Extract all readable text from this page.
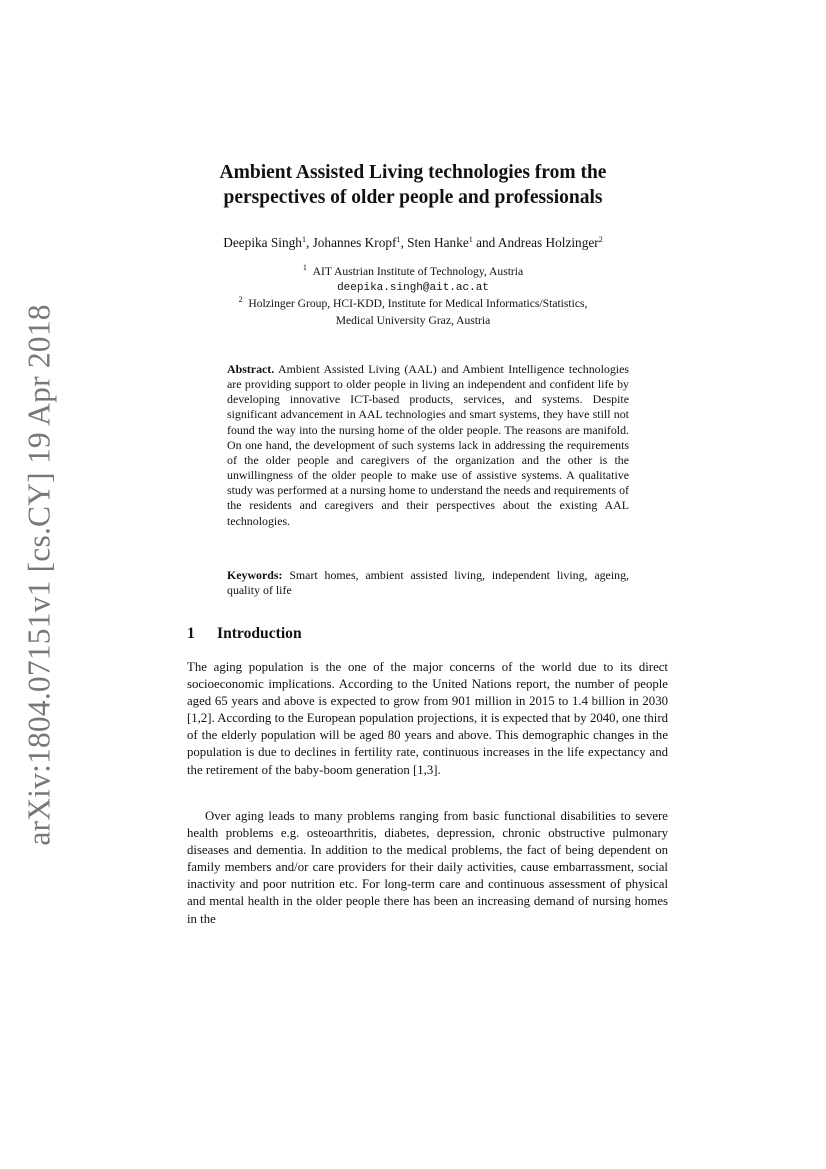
arXiv:1804.07151v1 [cs.CY] 19 Apr 2018
Ambient Assisted Living technologies from the
perspectives of older people and professionals
Deepika Singh$^1$, Johannes Kropf$^1$, Sten Hanke$^1$ and Andreas Holzinger$^2$
$^1$ AIT Austrian Institute of Technology, Austria
deepika.singh@ait.ac.at
$^2$ Holzinger Group, HCI-KDD, Institute for Medical Informatics/Statistics,
Medical University Graz, Austria
Abstract. Ambient Assisted Living (AAL) and Ambient Intelligence technologies are providing support to older people in living an independent and confident life by developing innovative ICT-based products, services, and systems. Despite significant advancement in AAL technologies and smart systems, they have still not found the way into the nursing home of the older people. The reasons are manifold. On one hand, the development of such systems lack in addressing the requirements of the older people and caregivers of the organization and the other is the unwillingness of the older people to make use of assistive systems. A qualitative study was performed at a nursing home to understand the needs and requirements of the residents and caregivers and their perspectives about the existing AAL technologies.
Keywords: Smart homes, ambient assisted living, independent living, ageing, quality of life
1 Introduction

The aging population is the one of the major concerns of the world due to its direct socioeconomic implications. According to the United Nations report, the number of people aged 65 years and above is expected to grow from 901 million in 2015 to 1.4 billion in 2030 [1,2]. According to the European population projections, it is expected that by 2040, one third of the elderly population will be aged 80 years and above. This demographic changes in the population is due to declines in fertility rate, continuous increases in the life expectancy and the retirement of the baby-boom generation [1,3].

Over aging leads to many problems ranging from basic functional disabilities to severe health problems e.g. osteoarthritis, diabetes, depression, chronic obstructive pulmonary diseases and dementia. In addition to the medical problems, the fact of being dependent on family members and/or care providers for their daily activities, cause embarrassment, social inactivity and poor nutrition etc. For long-term care and continuous assessment of physical and mental health in the older people there has been an increasing demand of nursing homes in the
